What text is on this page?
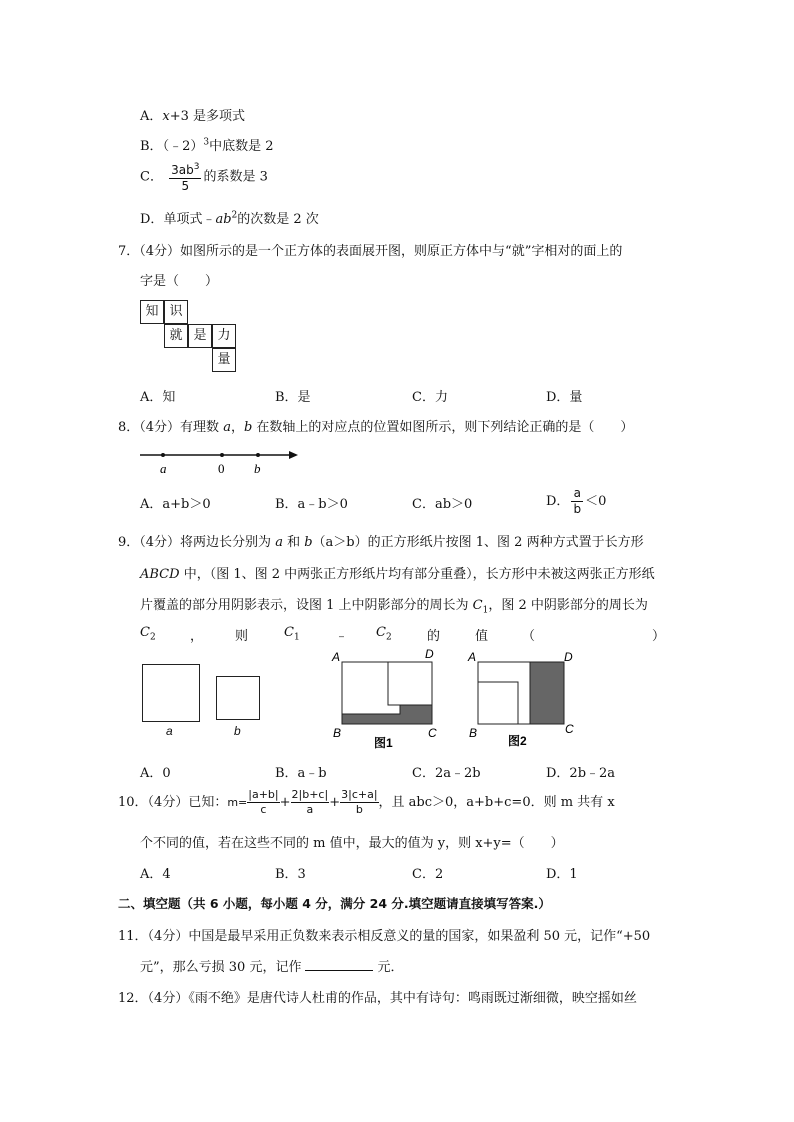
A．x+3 是多项式
B．（﹣2）$^3$中底数是 2
C． $\frac{3ab^3}{5}$ 的系数是 3
D．单项式$﹣ab^2$的次数是 2 次
7．（4分）如图所示的是一个正方体的表面展开图，则原正方体中与“就”字相对的面上的
字是（　　）
知 识
就 是 力
量
A．知	B．是	C．力	D．量
8．（4分）有理数 a，b 在数轴上的对应点的位置如图所示，则下列结论正确的是（　　）
a	0 b
A．a+b＞0	B．a﹣b＞0	C．ab＞0	D． $\frac{a}{b} <0$
9．（4分）将两边长分别为 a 和 b（a＞b）的正方形纸片按图 1、图 2 两种方式置于长方形
ABCD 中，（图 1、图 2 中两张正方形纸片均有部分重叠），长方形中未被这两张正方形纸
片覆盖的部分用阴影表示，设图 1 上中阴影部分的周长为 $C_1$，图 2 中阴影部分的周长为
$C_2$	， 则	$C_1$	﹣ $C_2$	的	值	（	）
a	b
A	D
B	C
图1
A	D
B	C
图2
A．0	B．a﹣b	C．2a﹣2b	D．2b﹣2a
10．（4分）已知：$m= \frac{|a+b|}{c} + \frac{2|b+c|}{a} + \frac{3|c+a|}{b}$ ，且 abc＞0，a+b+c=0．则 m 共有 x
个不同的值，若在这些不同的 m 值中，最大的值为 y，则 x+y=（　　）
A．4	B．3	C．2	D．1
二、填空题（共 6 小题，每小题 4 分，满分 24 分.填空题请直接填写答案.）
11．（4分）中国是最早采用正负数来表示相反意义的量的国家，如果盈利 50 元，记作“+50
元”，那么亏损 30 元，记作	元．
12．（4分）《雨不绝》是唐代诗人杜甫的作品，其中有诗句：鸣雨既过渐细微，映空摇如丝
